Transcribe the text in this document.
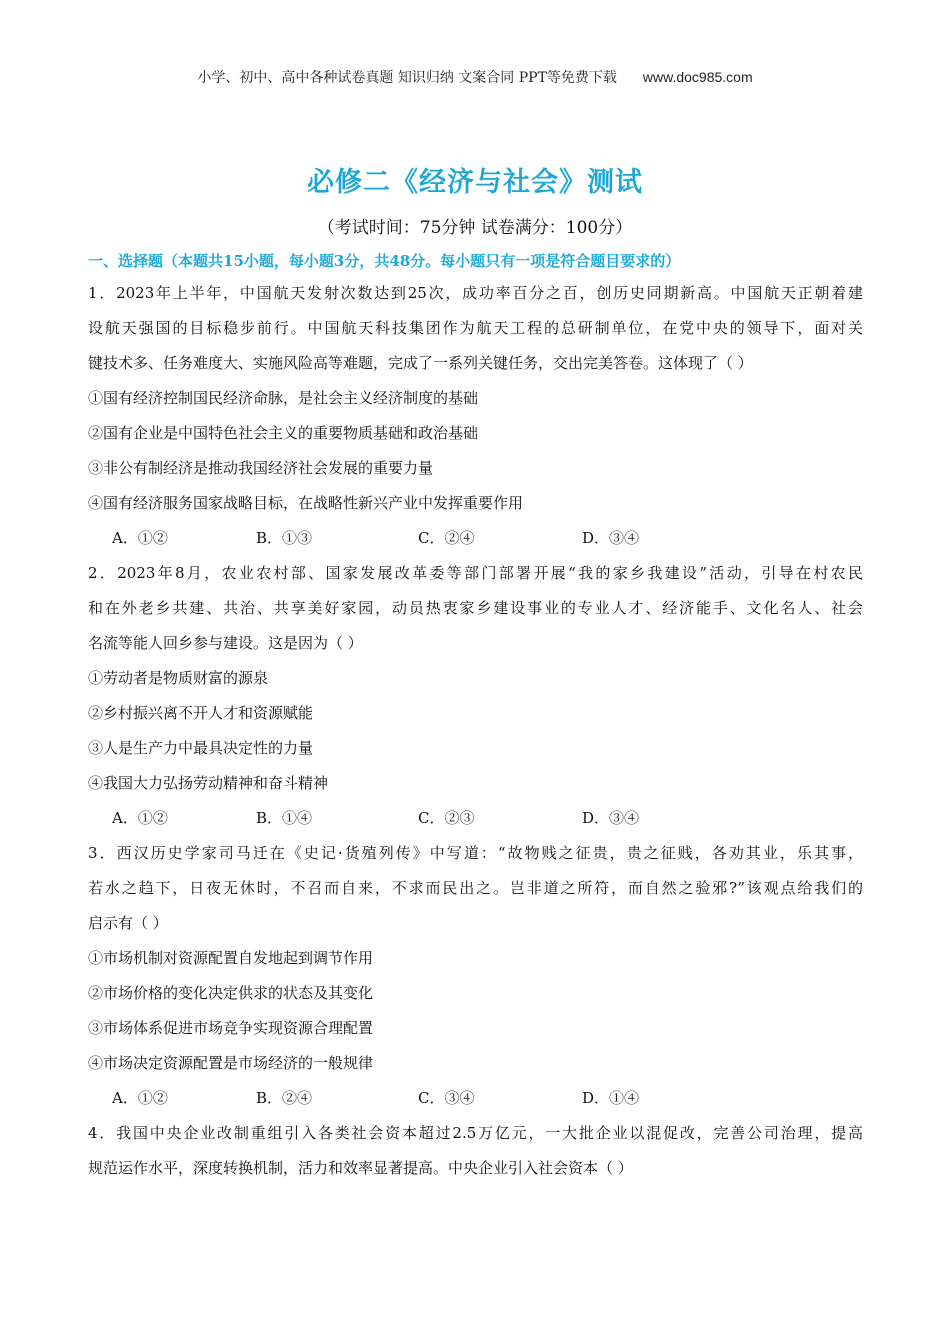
小学、初中、高中各种试卷真题 知识归纳 文案合同 PPT等免费下载 www.doc985.com
必修二《经济与社会》测试
（考试时间：75分钟 试卷满分：100分）
一、选择题（本题共15小题，每小题3分，共48分。每小题只有一项是符合题目要求的）
1．2023年上半年，中国航天发射次数达到25次，成功率百分之百，创历史同期新高。中国航天正朝着建
设航天强国的目标稳步前行。中国航天科技集团作为航天工程的总研制单位，在党中央的领导下，面对关
键技术多、任务难度大、实施风险高等难题，完成了一系列关键任务，交出完美答卷。这体现了（ ）
①国有经济控制国民经济命脉，是社会主义经济制度的基础
②国有企业是中国特色社会主义的重要物质基础和政治基础
③非公有制经济是推动我国经济社会发展的重要力量
④国有经济服务国家战略目标，在战略性新兴产业中发挥重要作用
A．①②	B．①③	C．②④	D．③④
2．2023年8月，农业农村部、国家发展改革委等部门部署开展“我的家乡我建设”活动，引导在村农民
和在外老乡共建、共治、共享美好家园，动员热衷家乡建设事业的专业人才、经济能手、文化名人、社会
名流等能人回乡参与建设。这是因为（ ）
①劳动者是物质财富的源泉
②乡村振兴离不开人才和资源赋能
③人是生产力中最具决定性的力量
④我国大力弘扬劳动精神和奋斗精神
A．①②	B．①④	C．②③	D．③④
3．西汉历史学家司马迁在《史记·货殖列传》中写道：“故物贱之征贵，贵之征贱，各劝其业，乐其事，
若水之趋下，日夜无休时，不召而自来，不求而民出之。岂非道之所符，而自然之验邪?”该观点给我们的
启示有（ ）
①市场机制对资源配置自发地起到调节作用
②市场价格的变化决定供求的状态及其变化
③市场体系促进市场竞争实现资源合理配置
④市场决定资源配置是市场经济的一般规律
A．①②	B．②④	C．③④	D．①④
4．我国中央企业改制重组引入各类社会资本超过2.5万亿元，一大批企业以混促改，完善公司治理，提高
规范运作水平，深度转换机制，活力和效率显著提高。中央企业引入社会资本（ ）
